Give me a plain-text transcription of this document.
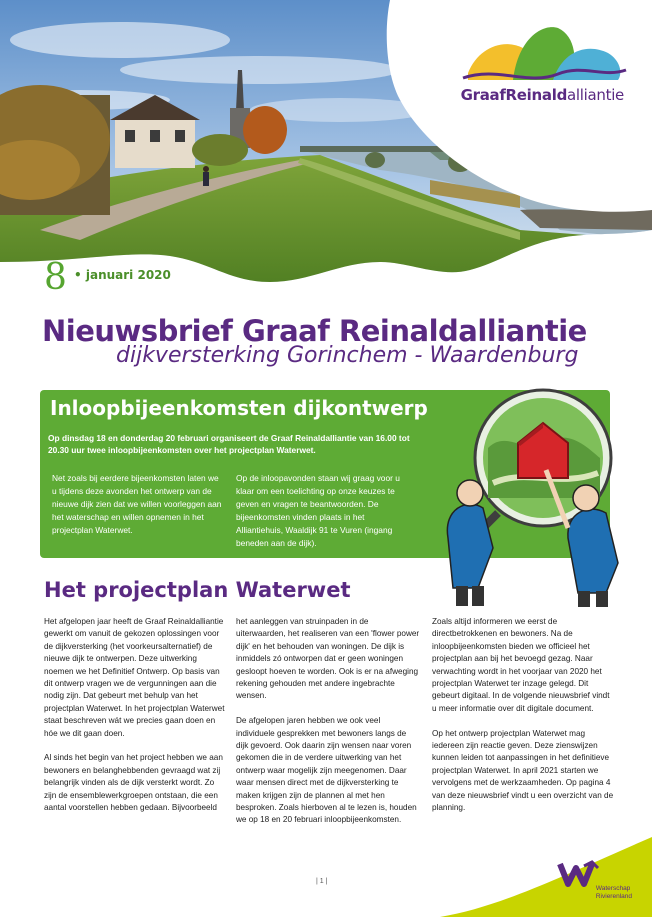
GraafReinaldalliantie
8 • januari 2020
Nieuwsbrief Graaf Reinaldalliantie
dijkversterking Gorinchem - Waardenburg
Inloopbijeenkomsten dijkontwerp
Op dinsdag 18 en donderdag 20 februari organiseert de Graaf Reinaldalliantie van 16.00 tot 20.30 uur twee inloopbijeenkomsten over het projectplan Waterwet.
Net zoals bij eerdere bijeenkomsten laten we u tijdens deze avonden het ontwerp van de nieuwe dijk zien dat we willen voorleggen aan het waterschap en willen opnemen in het projectplan Waterwet.
Op de inloopavonden staan wij graag voor u klaar om een toelichting op onze keuzes te geven en vragen te beantwoorden. De bijeenkomsten vinden plaats in het Alliantiehuis, Waaldijk 91 te Vuren (ingang beneden aan de dijk).
Het projectplan Waterwet

Het afgelopen jaar heeft de Graaf Reinaldalliantie gewerkt om vanuit de gekozen oplossingen voor de dijkversterking (het voorkeursalternatief) de nieuwe dijk te ontwerpen. Deze uitwerking noemen we het Definitief Ontwerp. Op basis van dit ontwerp vragen we de vergunningen aan die nodig zijn. Dat gebeurt met behulp van het projectplan Waterwet. In het projectplan Waterwet staat beschreven wát we precies gaan doen en hóe we dit gaan doen.

Al sinds het begin van het project hebben we aan bewoners en belanghebbenden gevraagd wat zij belangrijk vinden als de dijk versterkt wordt. Zo zijn de ensemblewerkgroepen ontstaan, die een aantal voorstellen hebben gedaan. Bijvoorbeeld

het aanleggen van struinpaden in de uiterwaarden, het realiseren van een 'flower power dijk' en het behouden van woningen. De dijk is inmiddels zó ontworpen dat er geen woningen gesloopt hoeven te worden. Ook is er na afweging rekening gehouden met andere ingebrachte wensen.

De afgelopen jaren hebben we ook veel individuele gesprekken met bewoners langs de dijk gevoerd. Ook daarin zijn wensen naar voren gekomen die in de verdere uitwerking van het ontwerp waar mogelijk zijn meegenomen. Daar waar mensen direct met de dijkversterking te maken krijgen zijn de plannen al met hen besproken. Zoals hierboven al te lezen is, houden we op 18 en 20 februari inloopbijeenkomsten.

Zoals altijd informeren we eerst de directbetrokkenen en bewoners. Na de inloopbijeenkomsten bieden we officieel het projectplan aan bij het bevoegd gezag. Naar verwachting wordt in het voorjaar van 2020 het projectplan Waterwet ter inzage gelegd. Dit gebeurt digitaal. In de volgende nieuwsbrief vindt u meer informatie over dit digitale document.

Op het ontwerp projectplan Waterwet mag iedereen zijn reactie geven. Deze zienswijzen kunnen leiden tot aanpassingen in het definitieve projectplan Waterwet. In april 2021 starten we vervolgens met de werkzaamheden. Op pagina 4 van deze nieuwsbrief vindt u een overzicht van de planning.

| 1 |
Waterschap
Rivierenland
